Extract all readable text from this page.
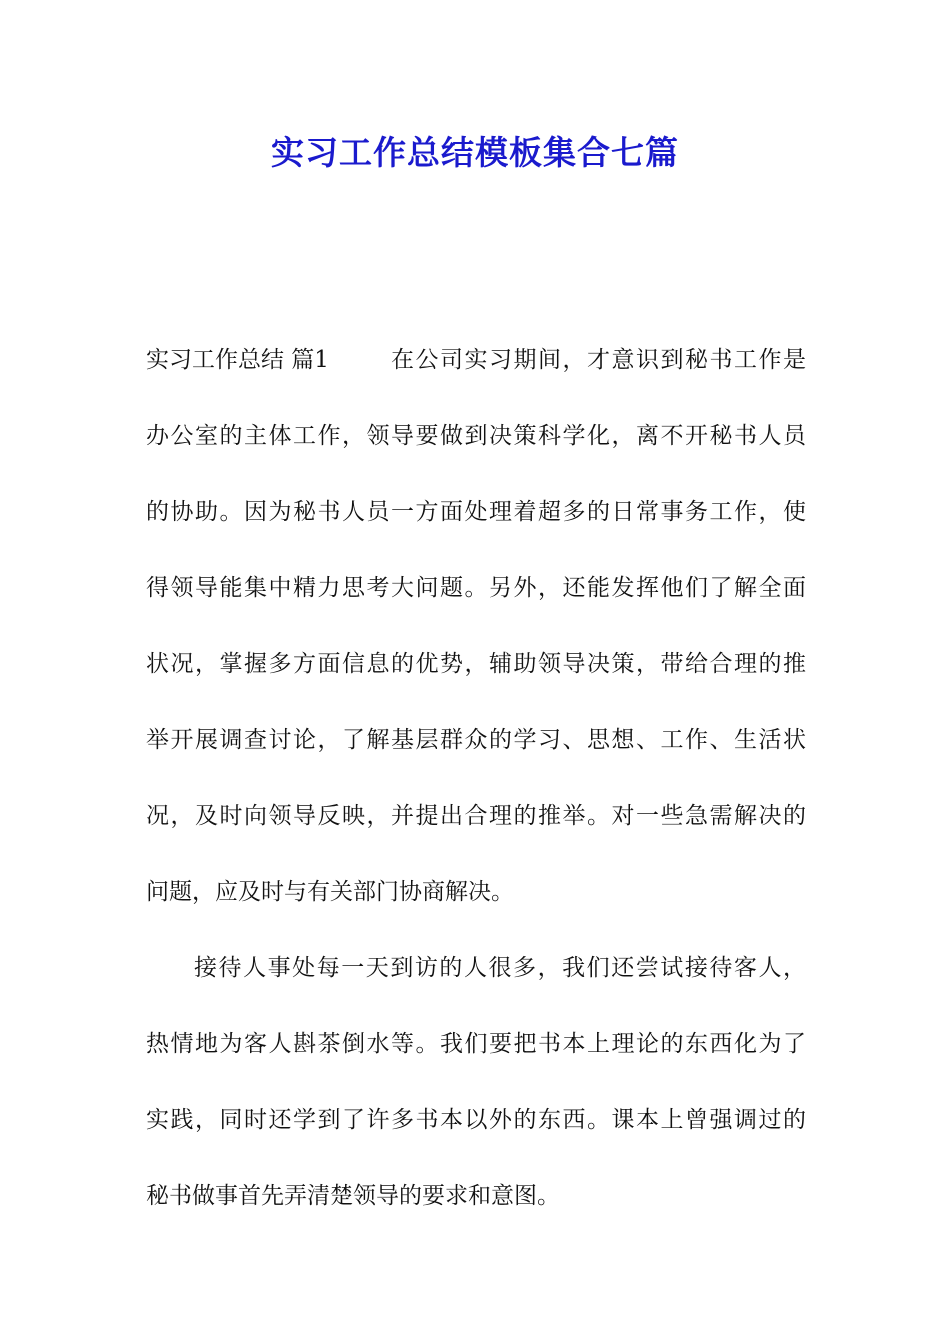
实习工作总结模板集合七篇
实习工作总结 篇1	在公司实习期间，才意识到秘书工作是
办公室的主体工作，领导要做到决策科学化，离不开秘书人员
的协助。因为秘书人员一方面处理着超多的日常事务工作，使
得领导能集中精力思考大问题。另外，还能发挥他们了解全面
状况，掌握多方面信息的优势，辅助领导决策，带给合理的推
举开展调查讨论，了解基层群众的学习、思想、工作、生活状
况，及时向领导反映，并提出合理的推举。对一些急需解决的
问题，应及时与有关部门协商解决。
接待人事处每一天到访的人很多，我们还尝试接待客人，
热情地为客人斟茶倒水等。我们要把书本上理论的东西化为了
实践，同时还学到了许多书本以外的东西。课本上曾强调过的
秘书做事首先弄清楚领导的要求和意图。
